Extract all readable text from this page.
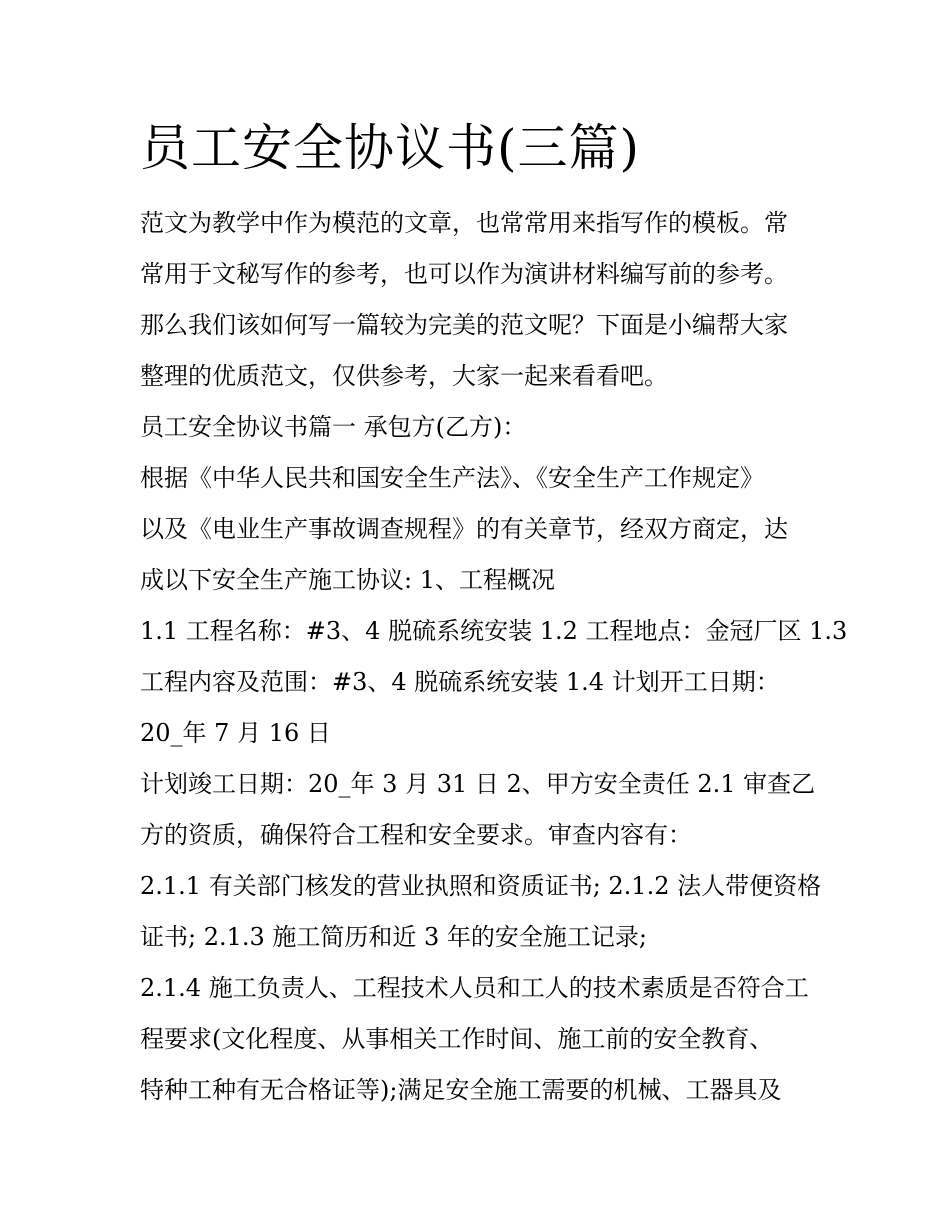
员工安全协议书(三篇)
范文为教学中作为模范的文章，也常常用来指写作的模板。常
常用于文秘写作的参考，也可以作为演讲材料编写前的参考。
那么我们该如何写一篇较为完美的范文呢？下面是小编帮大家
整理的优质范文，仅供参考，大家一起来看看吧。
员工安全协议书篇一 承包方(乙方)：
根据《中华人民共和国安全生产法》、《安全生产工作规定》
以及《电业生产事故调查规程》的有关章节，经双方商定，达
成以下安全生产施工协议: 1、工程概况
1.1 工程名称：#3、4 脱硫系统安装 1.2 工程地点：金冠厂区 1.3
工程内容及范围：#3、4 脱硫系统安装 1.4 计划开工日期：
20_年 7 月 16 日
计划竣工日期：20_年 3 月 31 日 2、甲方安全责任 2.1 审查乙
方的资质，确保符合工程和安全要求。审查内容有：
2.1.1 有关部门核发的营业执照和资质证书; 2.1.2 法人带便资格
证书; 2.1.3 施工简历和近 3 年的安全施工记录;
2.1.4 施工负责人、工程技术人员和工人的技术素质是否符合工
程要求(文化程度、从事相关工作时间、施工前的安全教育、
特种工种有无合格证等);满足安全施工需要的机械、工器具及
